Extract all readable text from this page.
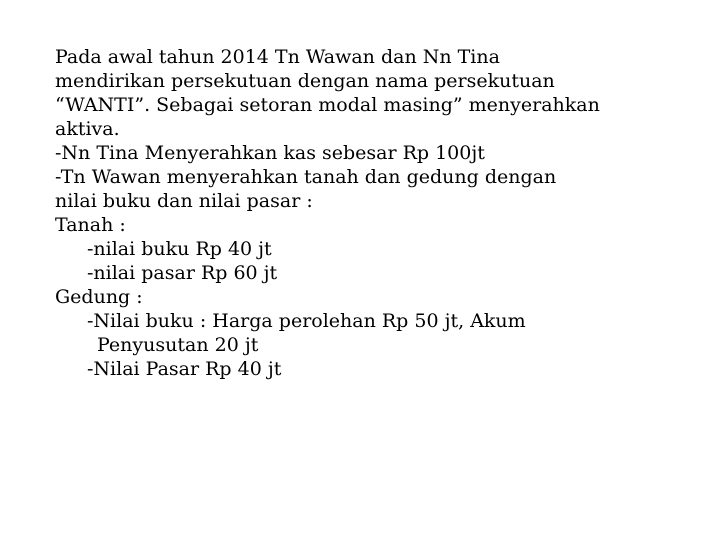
Pada awal tahun 2014 Tn Wawan dan Nn Tina
mendirikan persekutuan dengan nama persekutuan
“WANTI”. Sebagai setoran modal masing” menyerahkan
aktiva.
-Nn Tina Menyerahkan kas sebesar Rp 100jt
-Tn Wawan menyerahkan tanah dan gedung dengan
nilai buku dan nilai pasar :
Tanah :
-nilai buku Rp 40 jt
-nilai pasar Rp 60 jt
Gedung :
-Nilai buku : Harga perolehan Rp 50 jt, Akum
Penyusutan 20 jt
-Nilai Pasar Rp 40 jt
